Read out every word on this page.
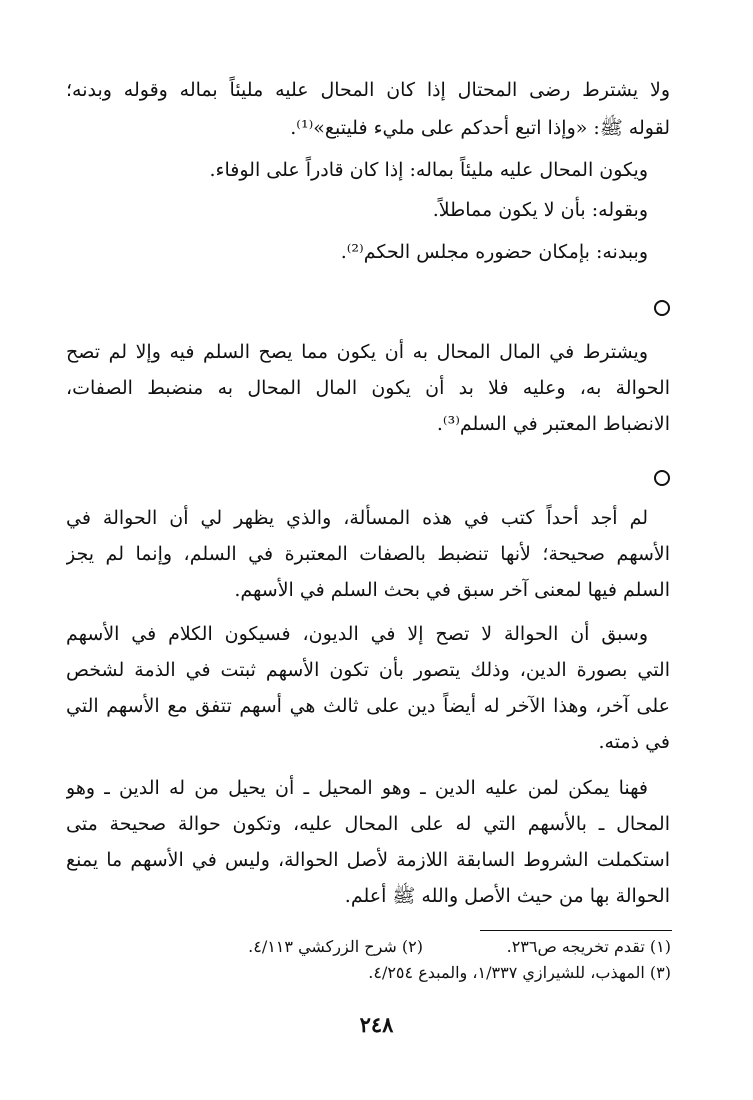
ولا يشترط رضى المحتال إذا كان المحال عليه مليئاً بماله وقوله وبدنه؛
لقوله ﷺ: «وإذا اتبع أحدكم على مليء فليتبع»⁽¹⁾.
ويكون المحال عليه مليئاً بماله: إذا كان قادراً على الوفاء.
وبقوله: بأن لا يكون مماطلاً.
وببدنه: بإمكان حضوره مجلس الحكم⁽²⁾.
ويشترط في المال المحال به أن يكون مما يصح السلم فيه وإلا لم تصح
الحوالة به، وعليه فلا بد أن يكون المال المحال به منضبط الصفات،
الانضباط المعتبر في السلم⁽³⁾.
لم أجد أحداً كتب في هذه المسألة، والذي يظهر لي أن الحوالة في
الأسهم صحيحة؛ لأنها تنضبط بالصفات المعتبرة في السلم، وإنما لم يجز
السلم فيها لمعنى آخر سبق في بحث السلم في الأسهم.
وسبق أن الحوالة لا تصح إلا في الديون، فسيكون الكلام في الأسهم
التي بصورة الدين، وذلك يتصور بأن تكون الأسهم ثبتت في الذمة لشخص
على آخر، وهذا الآخر له أيضاً دين على ثالث هي أسهم تتفق مع الأسهم التي
في ذمته.
فهنا يمكن لمن عليه الدين ـ وهو المحيل ـ أن يحيل من له الدين ـ وهو
المحال ـ بالأسهم التي له على المحال عليه، وتكون حوالة صحيحة متى
استكملت الشروط السابقة اللازمة لأصل الحوالة، وليس في الأسهم ما يمنع
الحوالة بها من حيث الأصل والله ﷺ أعلم.
(١) تقدم تخريجه ص٢٣٦.
(٢) شرح الزركشي ٤/١١٣.
(٣) المهذب، للشيرازي ١/٣٣٧، والمبدع ٤/٢٥٤.
٢٤٨
